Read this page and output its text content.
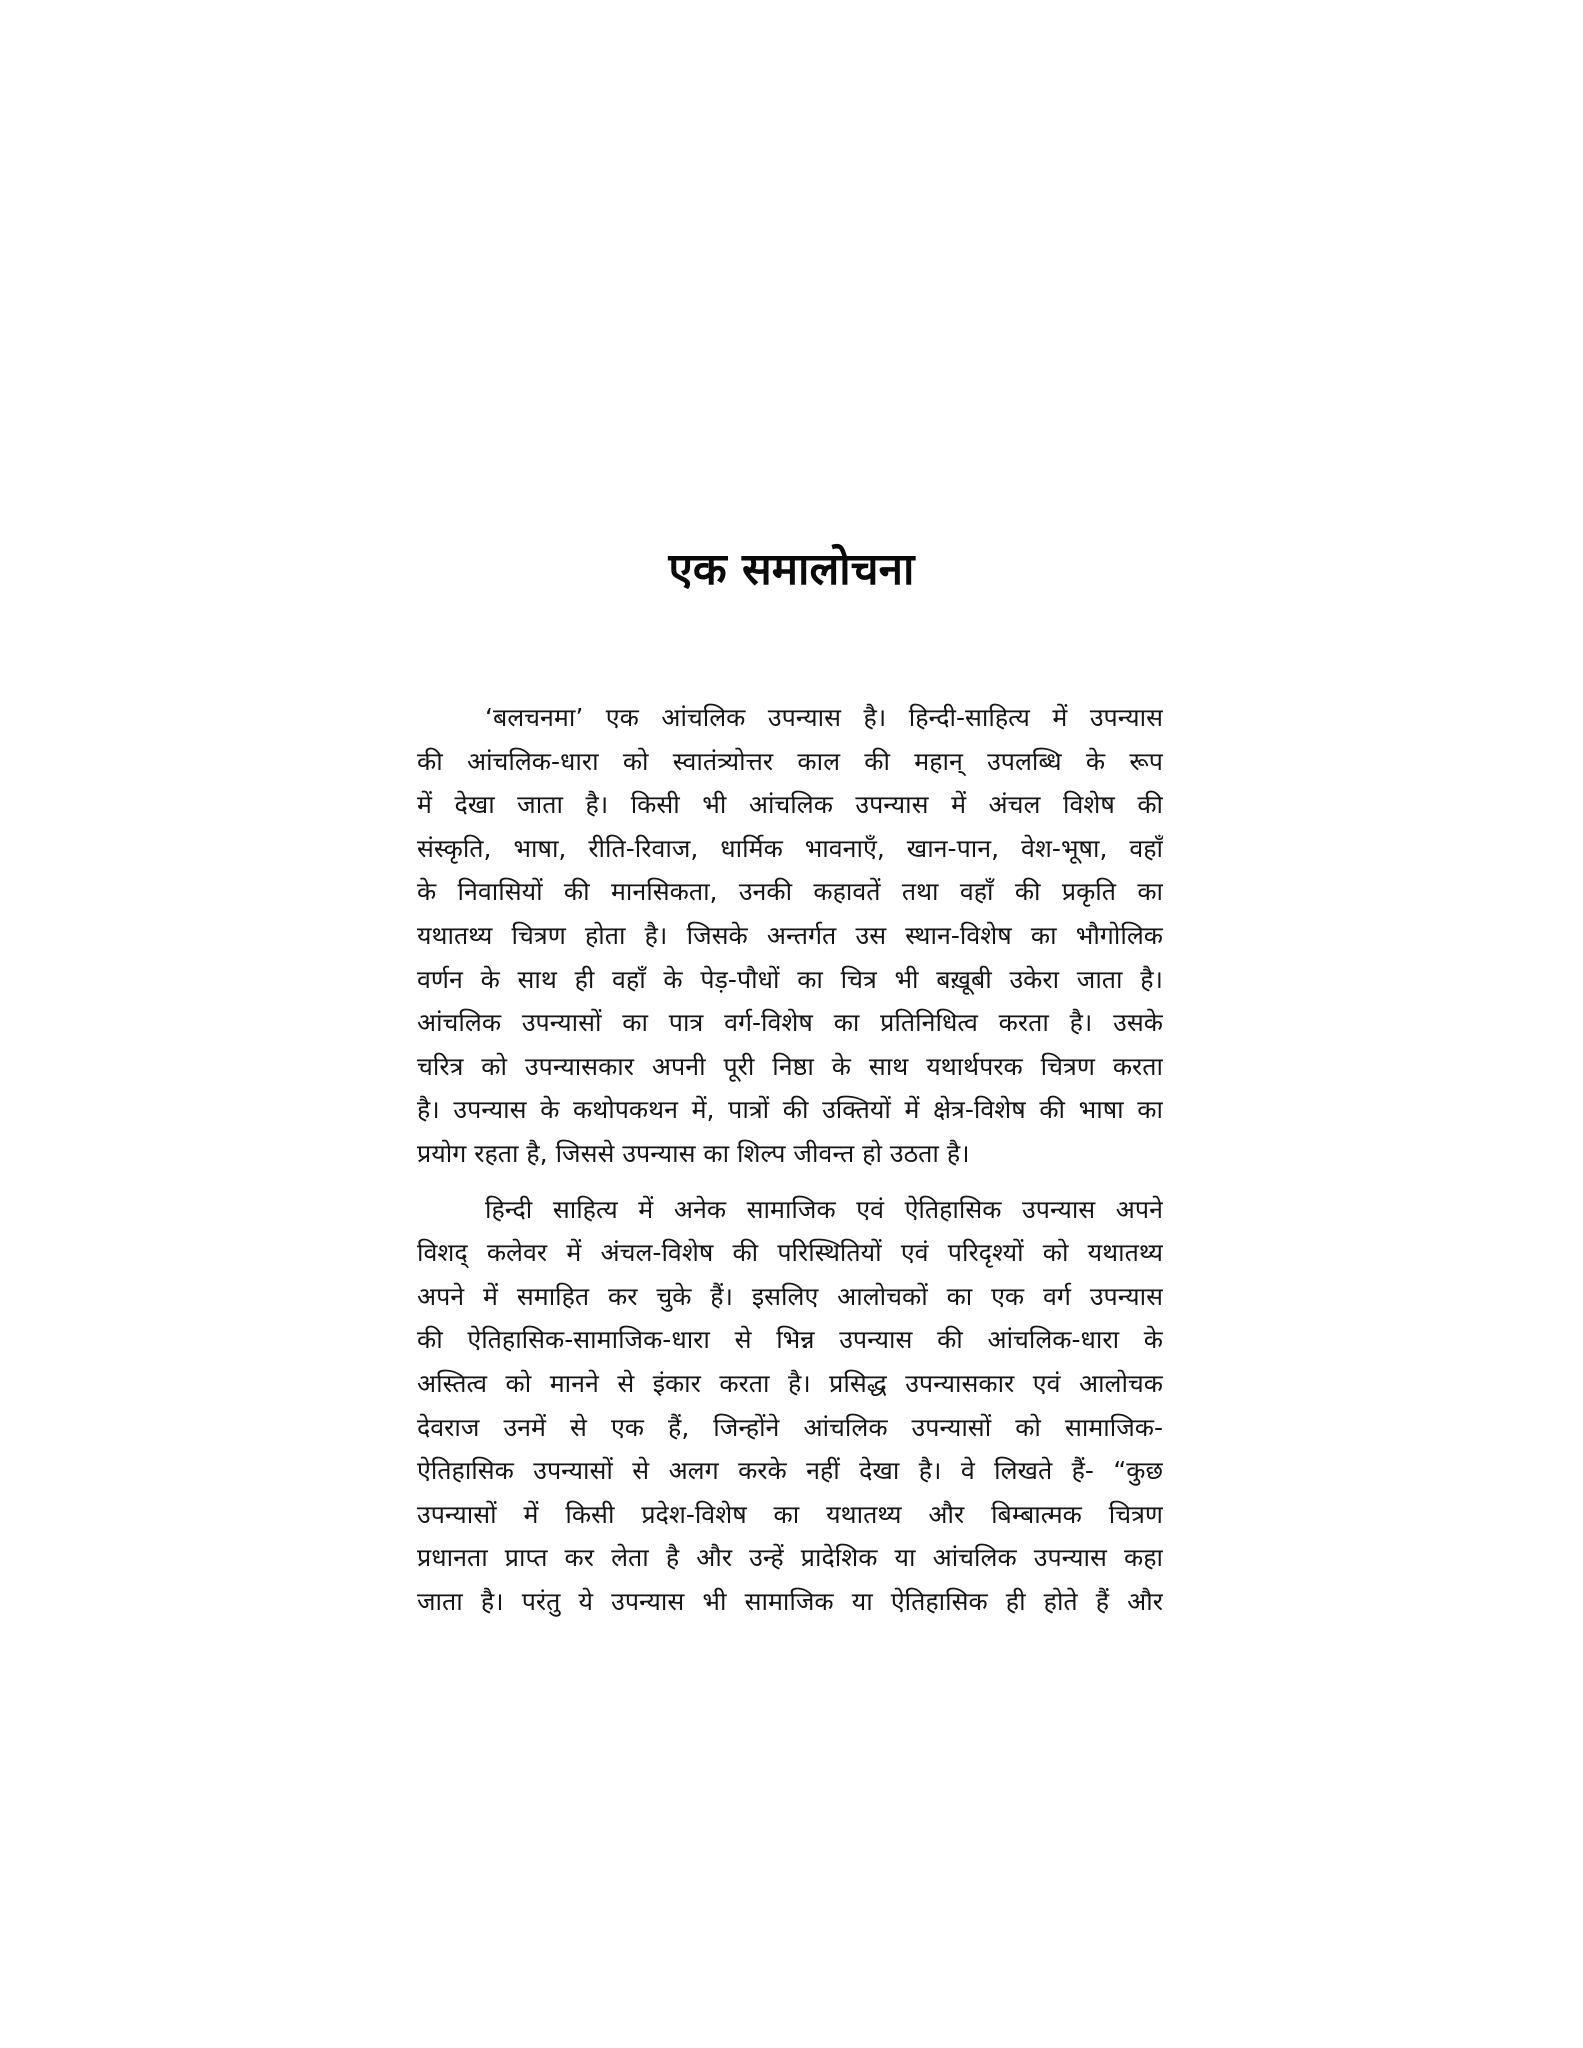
एक समालोचना
‘बलचनमा’ एक आंचलिक उपन्यास है। हिन्दी-साहित्य में उपन्यास
की आंचलिक-धारा को स्वातंत्र्योत्तर काल की महान् उपलब्धि के रूप
में देखा जाता है। किसी भी आंचलिक उपन्यास में अंचल विशेष की
संस्कृति, भाषा, रीति-रिवाज, धार्मिक भावनाएँ, खान-पान, वेश-भूषा, वहाँ
के निवासियों की मानसिकता, उनकी कहावतें तथा वहाँ की प्रकृति का
यथातथ्य चित्रण होता है। जिसके अन्तर्गत उस स्थान-विशेष का भौगोलिक
वर्णन के साथ ही वहाँ के पेड़-पौधों का चित्र भी बख़ूबी उकेरा जाता है।
आंचलिक उपन्यासों का पात्र वर्ग-विशेष का प्रतिनिधित्व करता है। उसके
चरित्र को उपन्यासकार अपनी पूरी निष्ठा के साथ यथार्थपरक चित्रण करता
है। उपन्यास के कथोपकथन में, पात्रों की उक्तियों में क्षेत्र-विशेष की भाषा का
प्रयोग रहता है, जिससे उपन्यास का शिल्प जीवन्त हो उठता है।
हिन्दी साहित्य में अनेक सामाजिक एवं ऐतिहासिक उपन्यास अपने
विशद् कलेवर में अंचल-विशेष की परिस्थितियों एवं परिदृश्यों को यथातथ्य
अपने में समाहित कर चुके हैं। इसलिए आलोचकों का एक वर्ग उपन्यास
की ऐतिहासिक-सामाजिक-धारा से भिन्न उपन्यास की आंचलिक-धारा के
अस्तित्व को मानने से इंकार करता है। प्रसिद्ध उपन्यासकार एवं आलोचक
देवराज उनमें से एक हैं, जिन्होंने आंचलिक उपन्यासों को सामाजिक-
ऐतिहासिक उपन्यासों से अलग करके नहीं देखा है। वे लिखते हैं- “कुछ
उपन्यासों में किसी प्रदेश-विशेष का यथातथ्य और बिम्बात्मक चित्रण
प्रधानता प्राप्त कर लेता है और उन्हें प्रादेशिक या आंचलिक उपन्यास कहा
जाता है। परंतु ये उपन्यास भी सामाजिक या ऐतिहासिक ही होते हैं और
